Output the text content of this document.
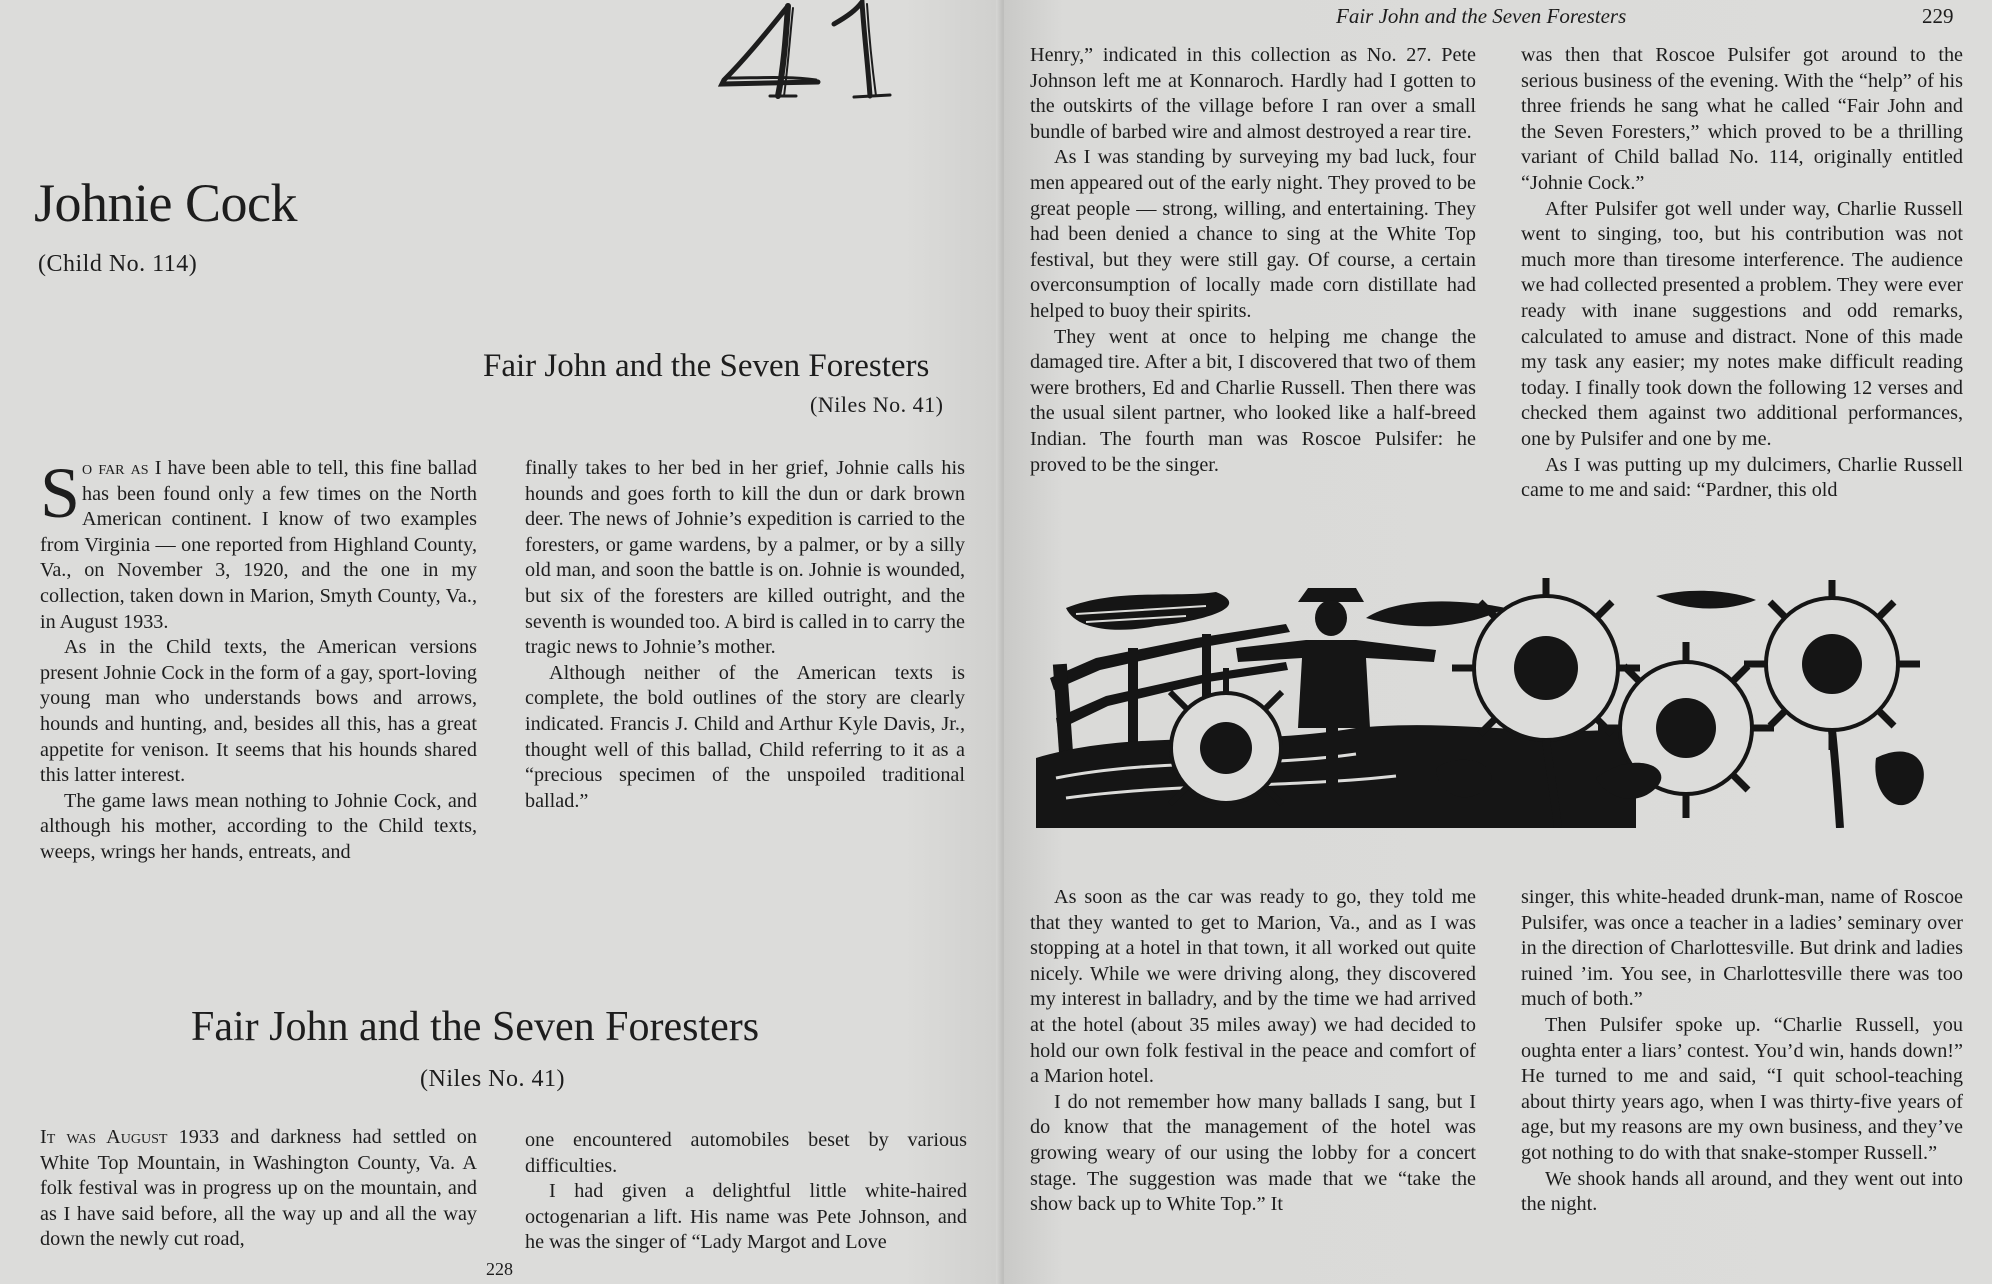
Johnie Cock
(Child No. 114)
Fair John and the Seven Foresters
(Niles No. 41)

So far as I have been able to tell, this fine ballad has been found only a few times on the North American continent. I know of two examples from Virginia — one reported from Highland County, Va., on November 3, 1920, and the one in my collection, taken down in Marion, Smyth County, Va., in August 1933.

As in the Child texts, the American versions present Johnie Cock in the form of a gay, sport-loving young man who understands bows and arrows, hounds and hunting, and, besides all this, has a great appetite for venison. It seems that his hounds shared this latter interest.

The game laws mean nothing to Johnie Cock, and although his mother, according to the Child texts, weeps, wrings her hands, entreats, and

finally takes to her bed in her grief, Johnie calls his hounds and goes forth to kill the dun or dark brown deer. The news of Johnie’s expedition is carried to the foresters, or game wardens, by a palmer, or by a silly old man, and soon the battle is on. Johnie is wounded, but six of the foresters are killed outright, and the seventh is wounded too. A bird is called in to carry the tragic news to Johnie’s mother.

Although neither of the American texts is complete, the bold outlines of the story are clearly indicated. Francis J. Child and Arthur Kyle Davis, Jr., thought well of this ballad, Child referring to it as a “precious specimen of the unspoiled traditional ballad.”

Fair John and the Seven Foresters
(Niles No. 41)

It was August 1933 and darkness had settled on White Top Mountain, in Washington County, Va. A folk festival was in progress up on the mountain, and as I have said before, all the way up and all the way down the newly cut road,

one encountered automobiles beset by various difficulties.

I had given a delightful little white-haired octogenarian a lift. His name was Pete Johnson, and he was the singer of “Lady Margot and Love

228
Fair John and the Seven Foresters	229

Henry,” indicated in this collection as No. 27. Pete Johnson left me at Konnaroch. Hardly had I gotten to the outskirts of the village before I ran over a small bundle of barbed wire and almost destroyed a rear tire.

As I was standing by surveying my bad luck, four men appeared out of the early night. They proved to be great people — strong, willing, and entertaining. They had been denied a chance to sing at the White Top festival, but they were still gay. Of course, a certain overconsumption of locally made corn distillate had helped to buoy their spirits.

They went at once to helping me change the damaged tire. After a bit, I discovered that two of them were brothers, Ed and Charlie Russell. Then there was the usual silent partner, who looked like a half-breed Indian. The fourth man was Roscoe Pulsifer: he proved to be the singer.

was then that Roscoe Pulsifer got around to the serious business of the evening. With the “help” of his three friends he sang what he called “Fair John and the Seven Foresters,” which proved to be a thrilling variant of Child ballad No. 114, originally entitled “Johnie Cock.”

After Pulsifer got well under way, Charlie Russell went to singing, too, but his contribution was not much more than tiresome interference. The audience we had collected presented a problem. They were ever ready with inane suggestions and odd remarks, calculated to amuse and distract. None of this made my task any easier; my notes make difficult reading today. I finally took down the following 12 verses and checked them against two additional performances, one by Pulsifer and one by me.

As I was putting up my dulcimers, Charlie Russell came to me and said: “Pardner, this old

As soon as the car was ready to go, they told me that they wanted to get to Marion, Va., and as I was stopping at a hotel in that town, it all worked out quite nicely. While we were driving along, they discovered my interest in balladry, and by the time we had arrived at the hotel (about 35 miles away) we had decided to hold our own folk festival in the peace and comfort of a Marion hotel.

I do not remember how many ballads I sang, but I do know that the management of the hotel was growing weary of our using the lobby for a concert stage. The suggestion was made that we “take the show back up to White Top.” It

singer, this white-headed drunk-man, name of Roscoe Pulsifer, was once a teacher in a ladies’ seminary over in the direction of Charlottesville. But drink and ladies ruined ’im. You see, in Charlottesville there was too much of both.”

Then Pulsifer spoke up. “Charlie Russell, you oughta enter a liars’ contest. You’d win, hands down!” He turned to me and said, “I quit school-teaching about thirty years ago, when I was thirty-five years of age, but my reasons are my own business, and they’ve got nothing to do with that snake-stomper Russell.”

We shook hands all around, and they went out into the night.
